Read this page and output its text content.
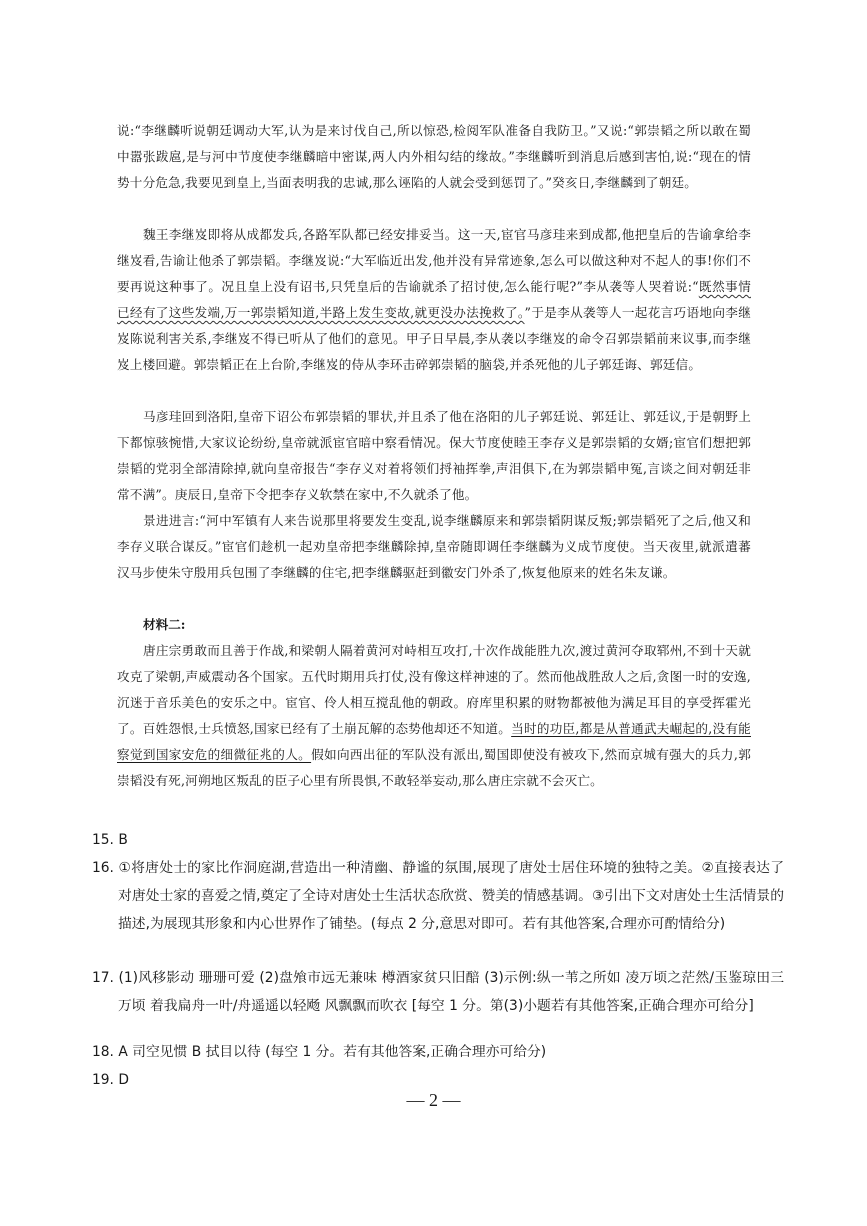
说:“李继麟听说朝廷调动大军,认为是来讨伐自己,所以惊恐,检阅军队准备自我防卫。”又说:“郭崇韬之所以敢在蜀中嚣张跋扈,是与河中节度使李继麟暗中密谋,两人内外相勾结的缘故。”李继麟听到消息后感到害怕,说:“现在的情势十分危急,我要见到皇上,当面表明我的忠诚,那么诬陷的人就会受到惩罚了。”癸亥日,李继麟到了朝廷。

魏王李继岌即将从成都发兵,各路军队都已经安排妥当。这一天,宦官马彦珪来到成都,他把皇后的告谕拿给李继岌看,告谕让他杀了郭崇韬。李继岌说:“大军临近出发,他并没有异常迹象,怎么可以做这种对不起人的事!你们不要再说这种事了。况且皇上没有诏书,只凭皇后的告谕就杀了招讨使,怎么能行呢?”李从袭等人哭着说:“既然事情已经有了这些发端,万一郭崇韬知道,半路上发生变故,就更没办法挽救了。”于是李从袭等人一起花言巧语地向李继岌陈说利害关系,李继岌不得已听从了他们的意见。甲子日早晨,李从袭以李继岌的命令召郭崇韬前来议事,而李继岌上楼回避。郭崇韬正在上台阶,李继岌的侍从李环击碎郭崇韬的脑袋,并杀死他的儿子郭廷诲、郭廷信。

马彦珪回到洛阳,皇帝下诏公布郭崇韬的罪状,并且杀了他在洛阳的儿子郭廷说、郭廷让、郭廷议,于是朝野上下都惊骇惋惜,大家议论纷纷,皇帝就派宦官暗中察看情况。保大节度使睦王李存义是郭崇韬的女婿;宦官们想把郭崇韬的党羽全部清除掉,就向皇帝报告“李存义对着将领们捋袖挥拳,声泪俱下,在为郭崇韬申冤,言谈之间对朝廷非常不满”。庚辰日,皇帝下令把李存义软禁在家中,不久就杀了他。

景进进言:“河中军镇有人来告说那里将要发生变乱,说李继麟原来和郭崇韬阴谋反叛;郭崇韬死了之后,他又和李存义联合谋反。”宦官们趁机一起劝皇帝把李继麟除掉,皇帝随即调任李继麟为义成节度使。当天夜里,就派遣蕃汉马步使朱守殷用兵包围了李继麟的住宅,把李继麟驱赶到徽安门外杀了,恢复他原来的姓名朱友谦。

材料二:

唐庄宗勇敢而且善于作战,和梁朝人隔着黄河对峙相互攻打,十次作战能胜九次,渡过黄河夺取郓州,不到十天就攻克了梁朝,声威震动各个国家。五代时期用兵打仗,没有像这样神速的了。然而他战胜敌人之后,贪图一时的安逸,沉迷于音乐美色的安乐之中。宦官、伶人相互搅乱他的朝政。府库里积累的财物都被他为满足耳目的享受挥霍光了。百姓怨恨,士兵愤怒,国家已经有了土崩瓦解的态势他却还不知道。当时的功臣,都是从普通武夫崛起的,没有能察觉到国家安危的细微征兆的人。假如向西出征的军队没有派出,蜀国即使没有被攻下,然而京城有强大的兵力,郭崇韬没有死,河朔地区叛乱的臣子心里有所畏惧,不敢轻举妄动,那么唐庄宗就不会灭亡。

15. B

16. ①将唐处士的家比作洞庭湖,营造出一种清幽、静谧的氛围,展现了唐处士居住环境的独特之美。②直接表达了对唐处士家的喜爱之情,奠定了全诗对唐处士生活状态欣赏、赞美的情感基调。③引出下文对唐处士生活情景的描述,为展现其形象和内心世界作了铺垫。(每点 2 分,意思对即可。若有其他答案,合理亦可酌情给分)

17. (1)风移影动 珊珊可爱 (2)盘飧市远无兼味 樽酒家贫只旧醅 (3)示例:纵一苇之所如 凌万顷之茫然/玉鉴琼田三万顷 着我扁舟一叶/舟遥遥以轻飏 风飘飘而吹衣 [每空 1 分。第(3)小题若有其他答案,正确合理亦可给分]

18. A 司空见惯 B 拭目以待 (每空 1 分。若有其他答案,正确合理亦可给分)

19. D

— 2 —
